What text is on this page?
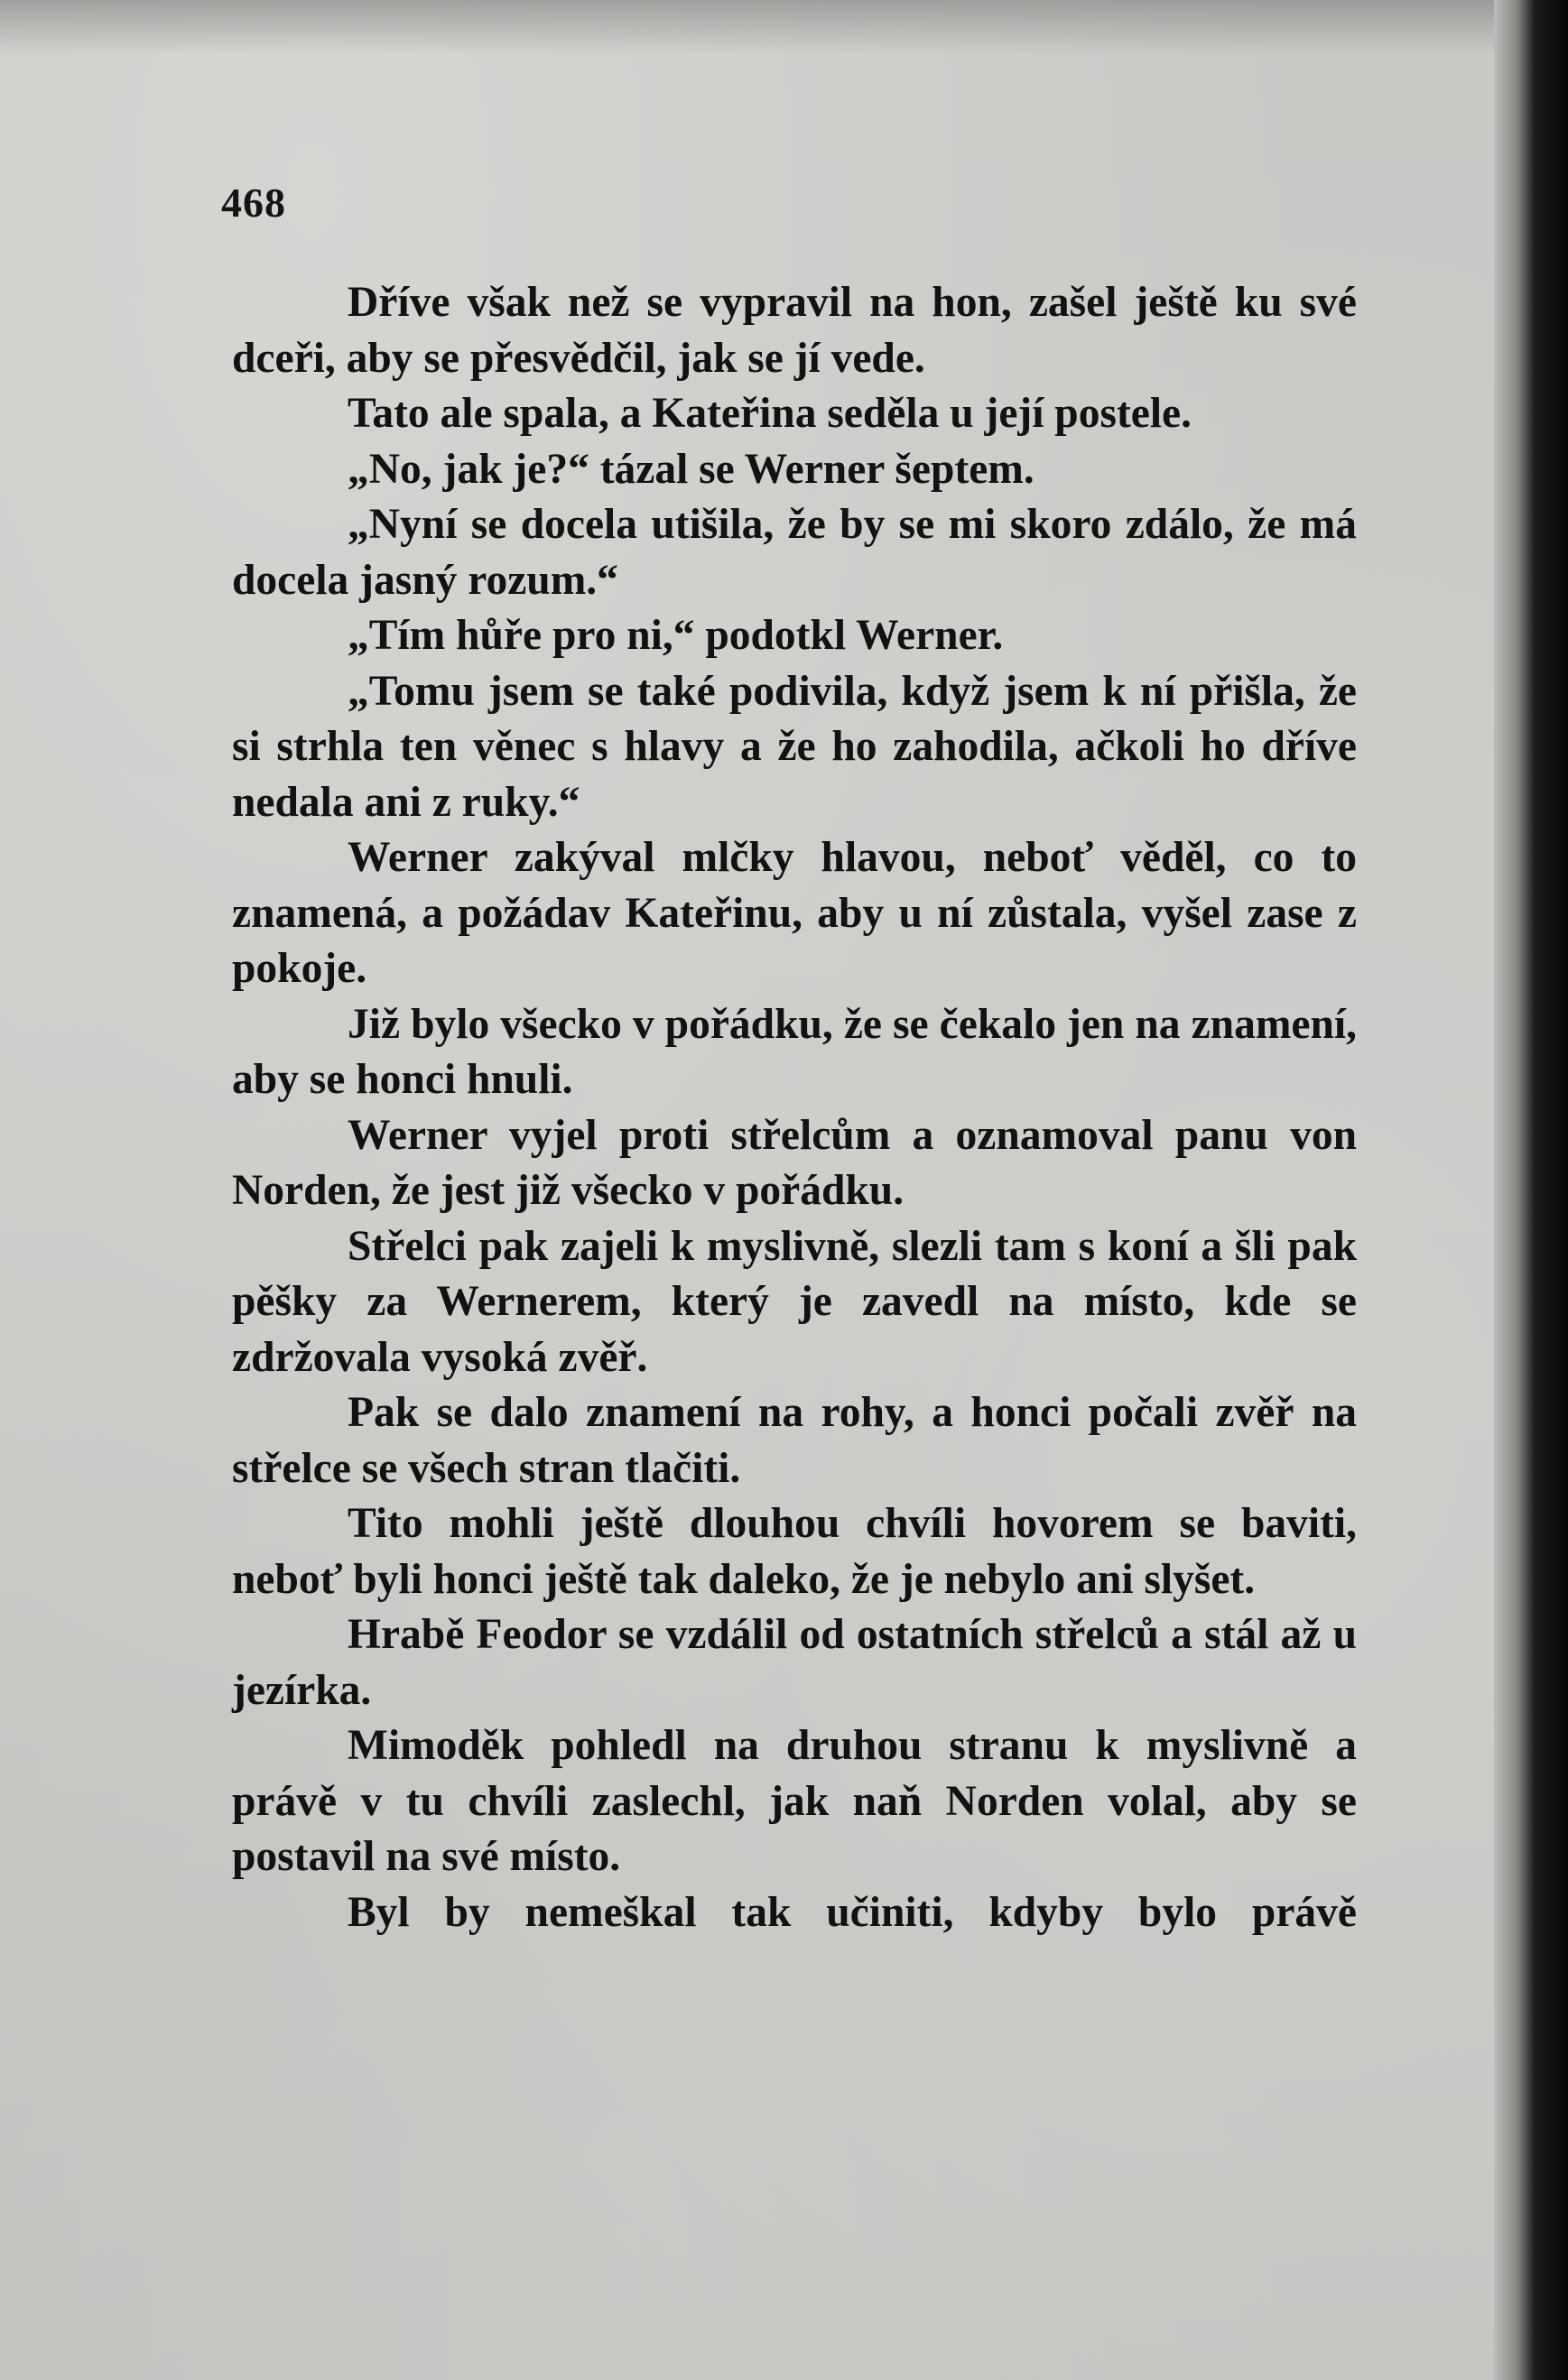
468

Dříve však než se vypravil na hon, zašel ještě ku své dceři, aby se přesvědčil, jak se jí vede.

Tato ale spala, a Kateřina seděla u její postele.

„No, jak je?“ tázal se Werner šeptem.

„Nyní se docela utišila, že by se mi skoro zdálo, že má docela jasný rozum.“

„Tím hůře pro ni,“ podotkl Werner.

„Tomu jsem se také podivila, když jsem k ní přišla, že si strhla ten věnec s hlavy a že ho zahodila, ačkoli ho dříve nedala ani z ruky.“

Werner zakýval mlčky hlavou, neboť věděl, co to znamená, a požádav Kateřinu, aby u ní zůstala, vyšel zase z pokoje.

Již bylo všecko v pořádku, že se čekalo jen na znamení, aby se honci hnuli.

Werner vyjel proti střelcům a oznamoval panu von Norden, že jest již všecko v pořádku.

Střelci pak zajeli k myslivně, slezli tam s koní a šli pak pěšky za Wernerem, který je zavedl na místo, kde se zdržovala vysoká zvěř.

Pak se dalo znamení na rohy, a honci počali zvěř na střelce se všech stran tlačiti.

Tito mohli ještě dlouhou chvíli hovorem se baviti, neboť byli honci ještě tak daleko, že je nebylo ani slyšet.

Hrabě Feodor se vzdálil od ostatních střelců a stál až u jezírka.

Mimoděk pohledl na druhou stranu k myslivně a právě v tu chvíli zaslechl, jak naň Norden volal, aby se postavil na své místo.

Byl by nemeškal tak učiniti, kdyby bylo právě
